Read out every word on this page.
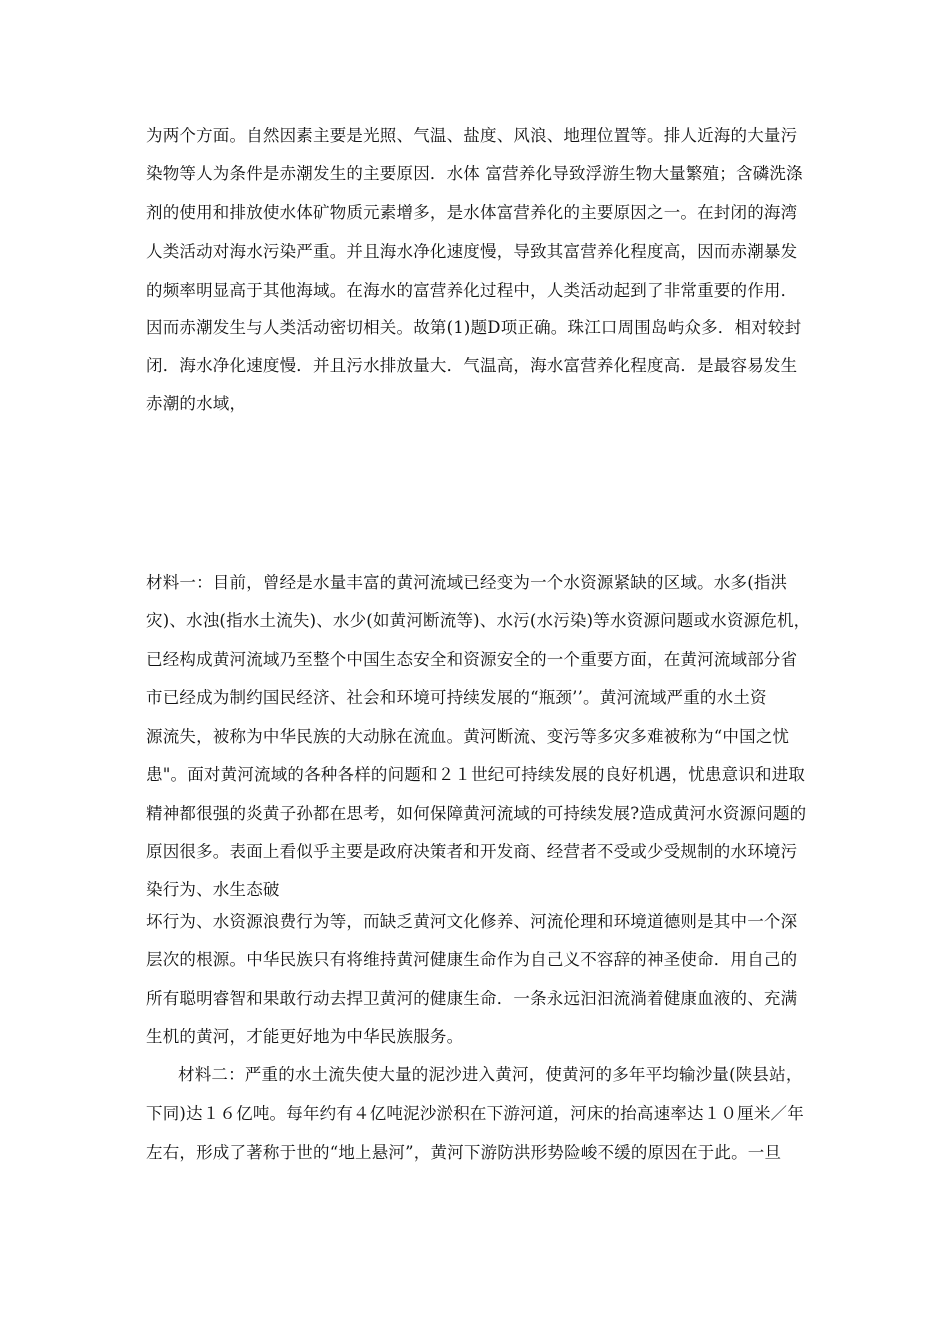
为两个方面。自然因素主要是光照、气温、盐度、风浪、地理位置等。排人近海的大量污
染物等人为条件是赤潮发生的主要原因．水体 富营养化导致浮游生物大量繁殖；含磷洗涤
剂的使用和排放使水体矿物质元素增多，是水体富营养化的主要原因之一。在封闭的海湾
人类活动对海水污染严重。并且海水净化速度慢，导致其富营养化程度高，因而赤潮暴发
的频率明显高于其他海域。在海水的富营养化过程中，人类活动起到了非常重要的作用．
因而赤潮发生与人类活动密切相关。故第(1)题D项正确。珠江口周围岛屿众多．相对较封
闭．海水净化速度慢．并且污水排放量大．气温高，海水富营养化程度高．是最容易发生
赤潮的水域，
材料一：目前，曾经是水量丰富的黄河流域已经变为一个水资源紧缺的区域。水多(指洪
灾)、水浊(指水土流失)、水少(如黄河断流等)、水污(水污染)等水资源问题或水资源危机，
已经构成黄河流域乃至整个中国生态安全和资源安全的一个重要方面，在黄河流域部分省
市已经成为制约国民经济、社会和环境可持续发展的“瓶颈’’。黄河流域严重的水土资
源流失，被称为中华民族的大动脉在流血。黄河断流、变污等多灾多难被称为“中国之忧
患"。面对黄河流域的各种各样的问题和２１世纪可持续发展的良好机遇，忧患意识和进取
精神都很强的炎黄子孙都在思考，如何保障黄河流域的可持续发展?造成黄河水资源问题的
原因很多。表面上看似乎主要是政府决策者和开发商、经营者不受或少受规制的水环境污
染行为、水生态破
坏行为、水资源浪费行为等，而缺乏黄河文化修养、河流伦理和环境道德则是其中一个深
层次的根源。中华民族只有将维持黄河健康生命作为自己义不容辞的神圣使命．用自己的
所有聪明睿智和果敢行动去捍卫黄河的健康生命．一条永远汩汩流淌着健康血液的、充满
生机的黄河，才能更好地为中华民族服务。
材料二：严重的水土流失使大量的泥沙进入黄河，使黄河的多年平均输沙量(陕县站，
下同)达１６亿吨。每年约有４亿吨泥沙淤积在下游河道，河床的抬高速率达１０厘米／年
左右，形成了著称于世的“地上悬河”，黄河下游防洪形势险峻不缓的原因在于此。一旦
